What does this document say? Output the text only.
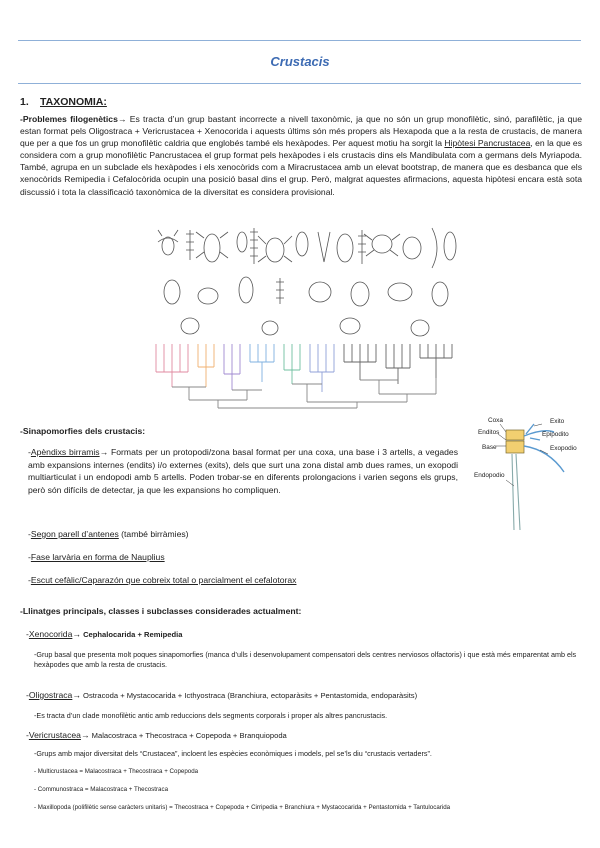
Crustacis
1. TAXONOMIA:
-Problemes filogenètics→ Es tracta d’un grup bastant incorrecte a nivell taxonòmic, ja que no són un grup monofilètic, sinó, parafilètic, ja que estan format pels Oligostraca + Vericrustacea + Xenocorida i aquests últims són més propers als Hexapoda que a la resta de crustacis, de manera que per a que fos un grup monofilètic caldria que englobés també els hexàpodes. Per aquest motiu ha sorgit la Hipòtesi Pancrustacea, en la que es considera com a grup monofilètic Pancrustacea el grup format pels hexàpodes i els crustacis dins els Mandibulata com a germans dels Myriapoda. També, agrupa en un subclade els hexàpodes i els xenocòrids com a Miracrustacea amb un elevat bootstrap, de manera que es desbanca que els xenocòrids Remipedia i Cefalocòrida ocupin una posició basal dins el grup. Però, malgrat aquestes afirmacions, aquesta hipòtesi encara està sota discussió i tota la classificació taxonòmica de la diversitat es considera provisional.
-Sinapomorfies dels crustacis:
-Apèndixs birramis→ Formats per un protopodi/zona basal format per una coxa, una base i 3 artells, a vegades amb expansions internes (endits) i/o externes (exits), dels que surt una zona distal amb dues rames, un exopodi multiarticulat i un endopodi amb 5 artells. Poden trobar-se en diferents prolongacions i varien segons els grups, però són difícils de detectar, ja que les expansions ho compliquen.
-Segon parell d’antenes (també birràmies)
-Fase larvària en forma de Nauplius
-Escut cefàlic/Caparazón que cobreix total o parcialment el cefalotorax
Coxa
Enditos
Base
Exito
Epipodito
Exopodio
Endopodio
-Llinatges principals, classes i subclasses considerades actualment:
-Xenocorida→ Cephalocarida + Remipedia
-Grup basal que presenta molt poques sinapomorfies (manca d’ulls i desenvolupament compensatori dels centres nerviosos olfactoris) i que està més emparentat amb els hexàpodes que amb la resta de crustacis.
-Oligostraca→ Ostracoda + Mystacocarida + Icthyostraca (Branchiura, ectoparàsits + Pentastomida, endoparàsits)
-Es tracta d’un clade monofilètic antic amb reduccions dels segments corporals i proper als altres pancrustacis.
-Vericrustacea→ Malacostraca + Thecostraca + Copepoda + Branquiopoda
-Grups amb major diversitat dels “Crustacea”, incloent les espècies econòmiques i models, pel se’ls diu “crustacis vertaders”.
- Multicrustacea = Malacostraca + Thecostraca + Copepoda
- Communostraca = Malacostraca + Thecostraca
- Maxillopoda (polifilètic sense caràcters unitaris) = Thecostraca + Copepoda + Cirripedia + Branchiura + Mystacocarida + Pentastomida + Tantulocarida
